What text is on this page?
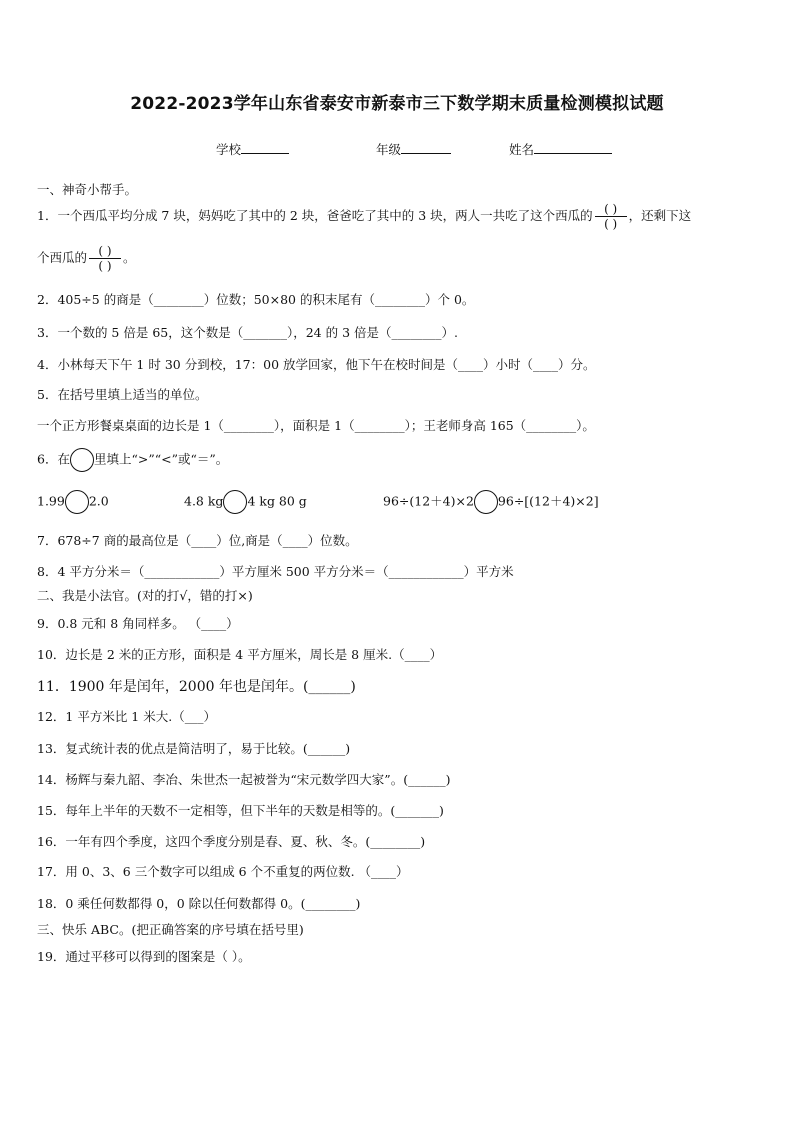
2022-2023学年山东省泰安市新泰市三下数学期末质量检测模拟试题
学校	年级	姓名
一、神奇小帮手。
1．一个西瓜平均分成 7 块，妈妈吃了其中的 2 块，爸爸吃了其中的 3 块，两人一共吃了这个西瓜的 $\frac{( )}{( )}$ ，还剩下这
个西瓜的 $\frac{( )}{( )}$ 。
2．405÷5 的商是（________）位数；50×80 的积末尾有（________）个 0。
3．一个数的 5 倍是 65，这个数是（_______），24 的 3 倍是（________）.
4．小林每天下午 1 时 30 分到校，17：00 放学回家，他下午在校时间是（____）小时（____）分。
5．在括号里填上适当的单位。
一个正方形餐桌桌面的边长是 1（________），面积是 1（________）；王老师身高 165（________）。
6．在 里填上“>”“<”或“＝”。
1.99 2.0	4.8 kg 4 kg 80 g	96÷(12＋4)×2 96÷[(12＋4)×2]
7．678÷7 商的最高位是（____）位,商是（____）位数。
8．4 平方分米＝（____________）平方厘米 500 平方分米＝（____________）平方米
二、我是小法官。(对的打√，错的打×)
9．0.8 元和 8 角同样多。 （____）
10．边长是 2 米的正方形，面积是 4 平方厘米，周长是 8 厘米.（____）
11．1900 年是闰年，2000 年也是闰年。(______)
12．1 平方米比 1 米大.（___）
13．复式统计表的优点是简洁明了，易于比较。(______)
14．杨辉与秦九韶、李冶、朱世杰一起被誉为“宋元数学四大家”。(______)
15．每年上半年的天数不一定相等，但下半年的天数是相等的。(_______)
16．一年有四个季度，这四个季度分别是春、夏、秋、冬。(________)
17．用 0、3、6 三个数字可以组成 6 个不重复的两位数. （____）
18．0 乘任何数都得 0，0 除以任何数都得 0。(________)
三、快乐 ABC。(把正确答案的序号填在括号里)
19．通过平移可以得到的图案是（ ）。
